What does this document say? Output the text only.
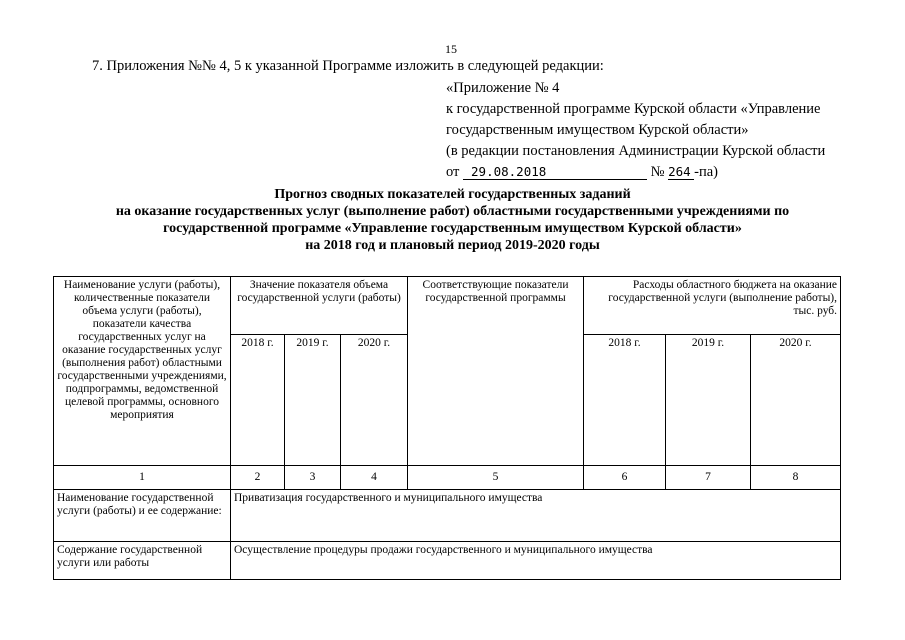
15
7. Приложения №№ 4, 5 к указанной Программе изложить в следующей редакции:
«Приложение № 4
к государственной программе Курской области «Управление
государственным имуществом Курской области»
(в редакции постановления Администрации Курской области
от 29.08.2018	№ 264 -па)
Прогноз сводных показателей государственных заданий
на оказание государственных услуг (выполнение работ) областными государственными учреждениями по
государственной программе «Управление государственным имуществом Курской области»
на 2018 год и плановый период 2019-2020 годы
Наименование услуги (работы), количественные показатели объема услуги (работы), показатели качества государственных услуг на оказание государственных услуг (выполнения работ) областными государственными учреждениями, подпрограммы, ведомственной целевой программы, основного мероприятия	Значение показателя объема государственной услуги (работы)			Соответствующие показатели государственной программы	Расходы областного бюджета на оказание государственной услуги (выполнение работы), тыс. руб.		
	2018 г.	2019 г.	2020 г.		2018 г.	2019 г.	2020 г.
1	2	3	4	5	6	7	8
Наименование государственной услуги (работы) и ее содержание:	Приватизация государственного и муниципального имущества						
Содержание государственной услуги или работы	Осуществление процедуры продажи государственного и муниципального имущества						
